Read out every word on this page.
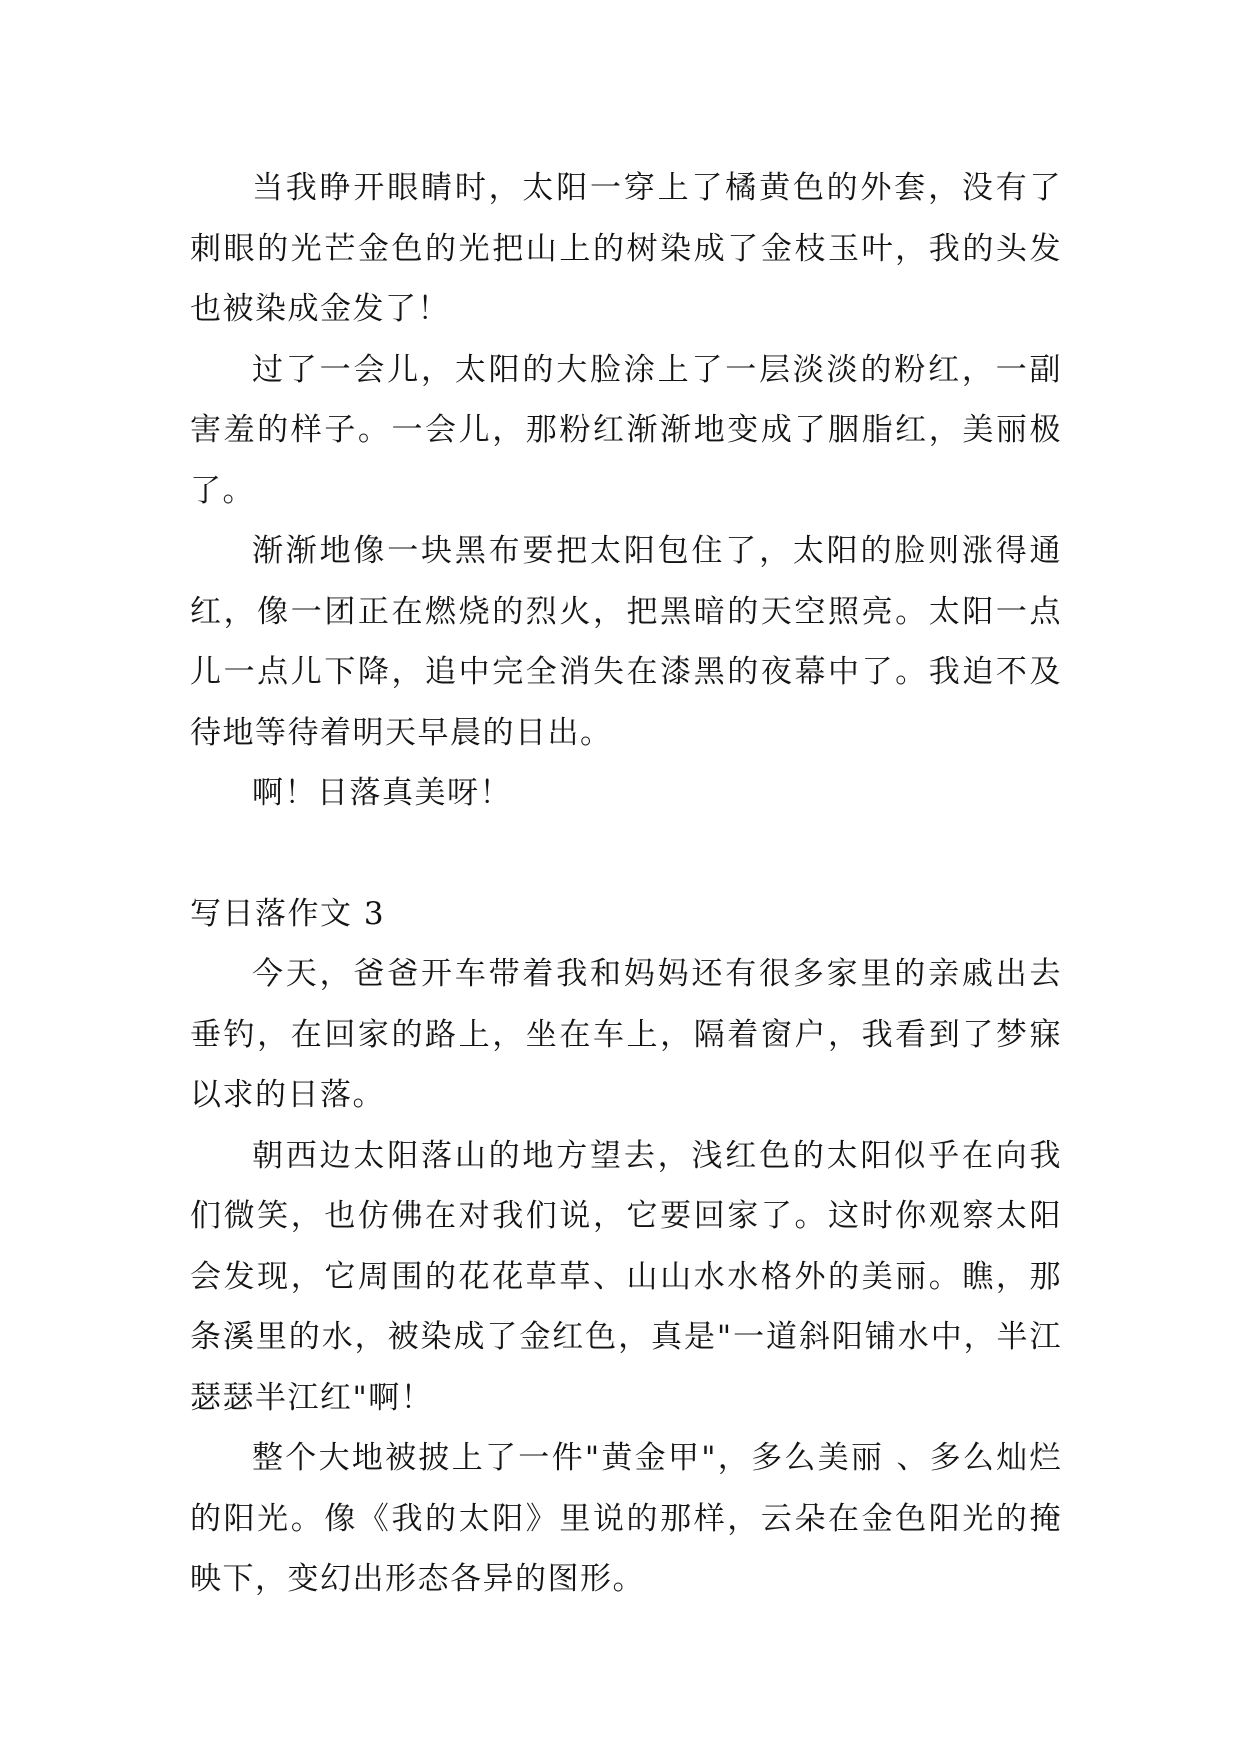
当我睁开眼睛时，太阳一穿上了橘黄色的外套，没有了刺眼的光芒金色的光把山上的树染成了金枝玉叶，我的头发也被染成金发了！

过了一会儿，太阳的大脸涂上了一层淡淡的粉红，一副害羞的样子。一会儿，那粉红渐渐地变成了胭脂红，美丽极了。

渐渐地像一块黑布要把太阳包住了，太阳的脸则涨得通红，像一团正在燃烧的烈火，把黑暗的天空照亮。太阳一点儿一点儿下降，追中完全消失在漆黑的夜幕中了。我迫不及待地等待着明天早晨的日出。

啊！日落真美呀！

写日落作文 3

今天，爸爸开车带着我和妈妈还有很多家里的亲戚出去垂钓，在回家的路上，坐在车上，隔着窗户，我看到了梦寐以求的日落。

朝西边太阳落山的地方望去，浅红色的太阳似乎在向我们微笑，也仿佛在对我们说，它要回家了。这时你观察太阳会发现，它周围的花花草草、山山水水格外的美丽。瞧，那条溪里的水，被染成了金红色，真是"一道斜阳铺水中，半江瑟瑟半江红"啊！

整个大地被披上了一件"黄金甲"，多么美丽 、多么灿烂的阳光。像《我的太阳》里说的那样，云朵在金色阳光的掩映下，变幻出形态各异的图形。
